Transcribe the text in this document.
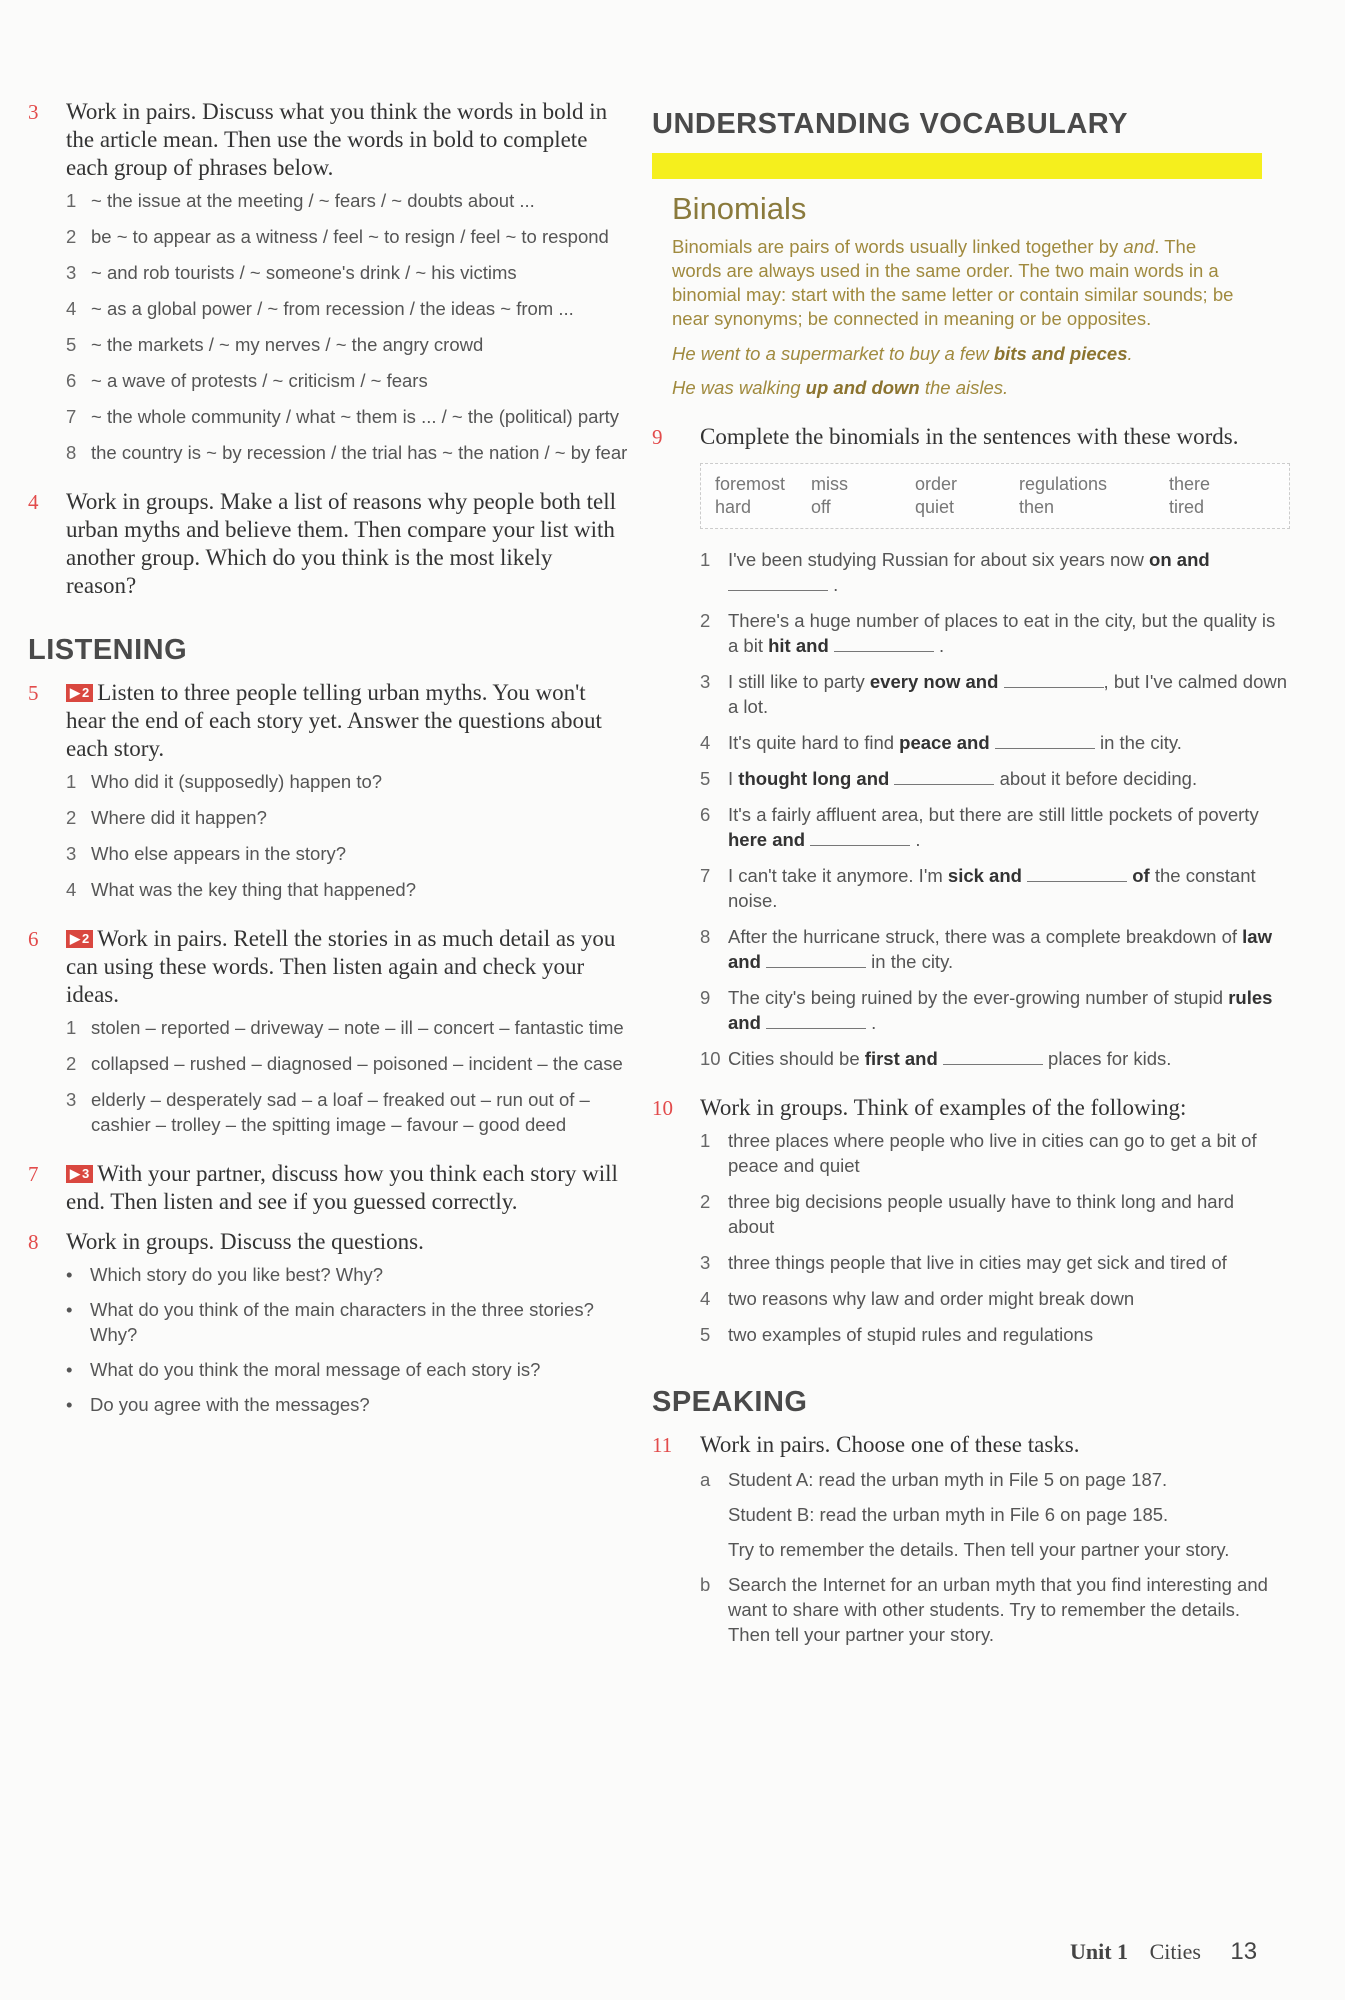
3	Work in pairs. Discuss what you think the words in bold in the article mean. Then use the words in bold to complete each group of phrases below.
1 ~ the issue at the meeting / ~ fears / ~ doubts about ...
2 be ~ to appear as a witness / feel ~ to resign / feel ~ to respond
3 ~ and rob tourists / ~ someone's drink / ~ his victims
4 ~ as a global power / ~ from recession / the ideas ~ from ...
5 ~ the markets / ~ my nerves / ~ the angry crowd
6 ~ a wave of protests / ~ criticism / ~ fears
7 ~ the whole community / what ~ them is ... / ~ the (political) party
8 the country is ~ by recession / the trial has ~ the nation / ~ by fear
4	Work in groups. Make a list of reasons why people both tell urban myths and believe them. Then compare your list with another group. Which do you think is the most likely reason?
LISTENING
5	▶ 2 Listen to three people telling urban myths. You won't hear the end of each story yet. Answer the questions about each story.
1 Who did it (supposedly) happen to?
2 Where did it happen?
3 Who else appears in the story?
4 What was the key thing that happened?
6	▶ 2 Work in pairs. Retell the stories in as much detail as you can using these words. Then listen again and check your ideas.
1 stolen – reported – driveway – note – ill – concert – fantastic time
2 collapsed – rushed – diagnosed – poisoned – incident – the case
3 elderly – desperately sad – a loaf – freaked out – run out of – cashier – trolley – the spitting image – favour – good deed
7	▶ 3 With your partner, discuss how you think each story will end. Then listen and see if you guessed correctly.
8	Work in groups. Discuss the questions.
• Which story do you like best? Why?
• What do you think of the main characters in the three stories? Why?
• What do you think the moral message of each story is?
• Do you agree with the messages?
UNDERSTANDING VOCABULARY
Binomials

Binomials are pairs of words usually linked together by and. The words are always used in the same order. The two main words in a binomial may: start with the same letter or contain similar sounds; be near synonyms; be connected in meaning or be opposites.

He went to a supermarket to buy a few bits and pieces.

He was walking up and down the aisles.

9	Complete the binomials in the sentences with these words.
foremost	miss	order	regulations	there
hard	off	quiet	then	tired
1 I've been studying Russian for about six years now on and  .
2 There's a huge number of places to eat in the city, but the quality is a bit hit and	.
3 I still like to party every now and	, but I've calmed down a lot.
4 It's quite hard to find peace and	in the city.
5 I thought long and	about it before deciding.
6 It's a fairly affluent area, but there are still little pockets of poverty here and	.
7 I can't take it anymore. I'm sick and	of the constant noise.
8 After the hurricane struck, there was a complete breakdown of law and	in the city.
9 The city's being ruined by the ever-growing number of stupid rules and	.
10 Cities should be first and	places for kids.
10	Work in groups. Think of examples of the following:
1 three places where people who live in cities can go to get a bit of peace and quiet
2 three big decisions people usually have to think long and hard about
3 three things people that live in cities may get sick and tired of
4 two reasons why law and order might break down
5 two examples of stupid rules and regulations
SPEAKING
11	Work in pairs. Choose one of these tasks.
a Student A: read the urban myth in File 5 on page 187.
Student B: read the urban myth in File 6 on page 185.
Try to remember the details. Then tell your partner your story.
b Search the Internet for an urban myth that you find interesting and want to share with other students. Try to remember the details. Then tell your partner your story.
Unit 1 Cities 13
